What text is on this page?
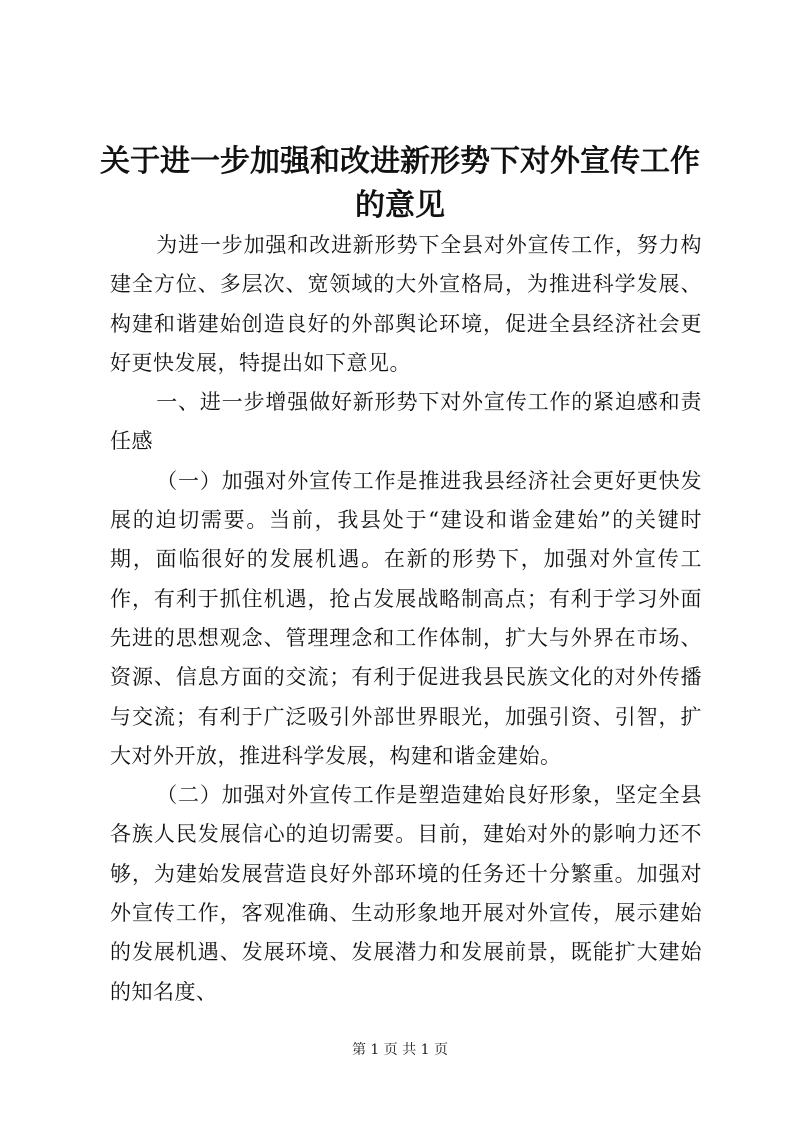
关于进一步加强和改进新形势下对外宣传工作
的意见

为进一步加强和改进新形势下全县对外宣传工作，努力构建全方位、多层次、宽领域的大外宣格局，为推进科学发展、构建和谐建始创造良好的外部舆论环境，促进全县经济社会更好更快发展，特提出如下意见。

一、进一步增强做好新形势下对外宣传工作的紧迫感和责任感

（一）加强对外宣传工作是推进我县经济社会更好更快发展的迫切需要。当前，我县处于“建设和谐金建始”的关键时期，面临很好的发展机遇。在新的形势下，加强对外宣传工作，有利于抓住机遇，抢占发展战略制高点；有利于学习外面先进的思想观念、管理理念和工作体制，扩大与外界在市场、资源、信息方面的交流；有利于促进我县民族文化的对外传播与交流；有利于广泛吸引外部世界眼光，加强引资、引智，扩大对外开放，推进科学发展，构建和谐金建始。

（二）加强对外宣传工作是塑造建始良好形象，坚定全县各族人民发展信心的迫切需要。目前，建始对外的影响力还不够，为建始发展营造良好外部环境的任务还十分繁重。加强对外宣传工作，客观准确、生动形象地开展对外宣传，展示建始的发展机遇、发展环境、发展潜力和发展前景，既能扩大建始的知名度、

第 1 页 共 1 页
